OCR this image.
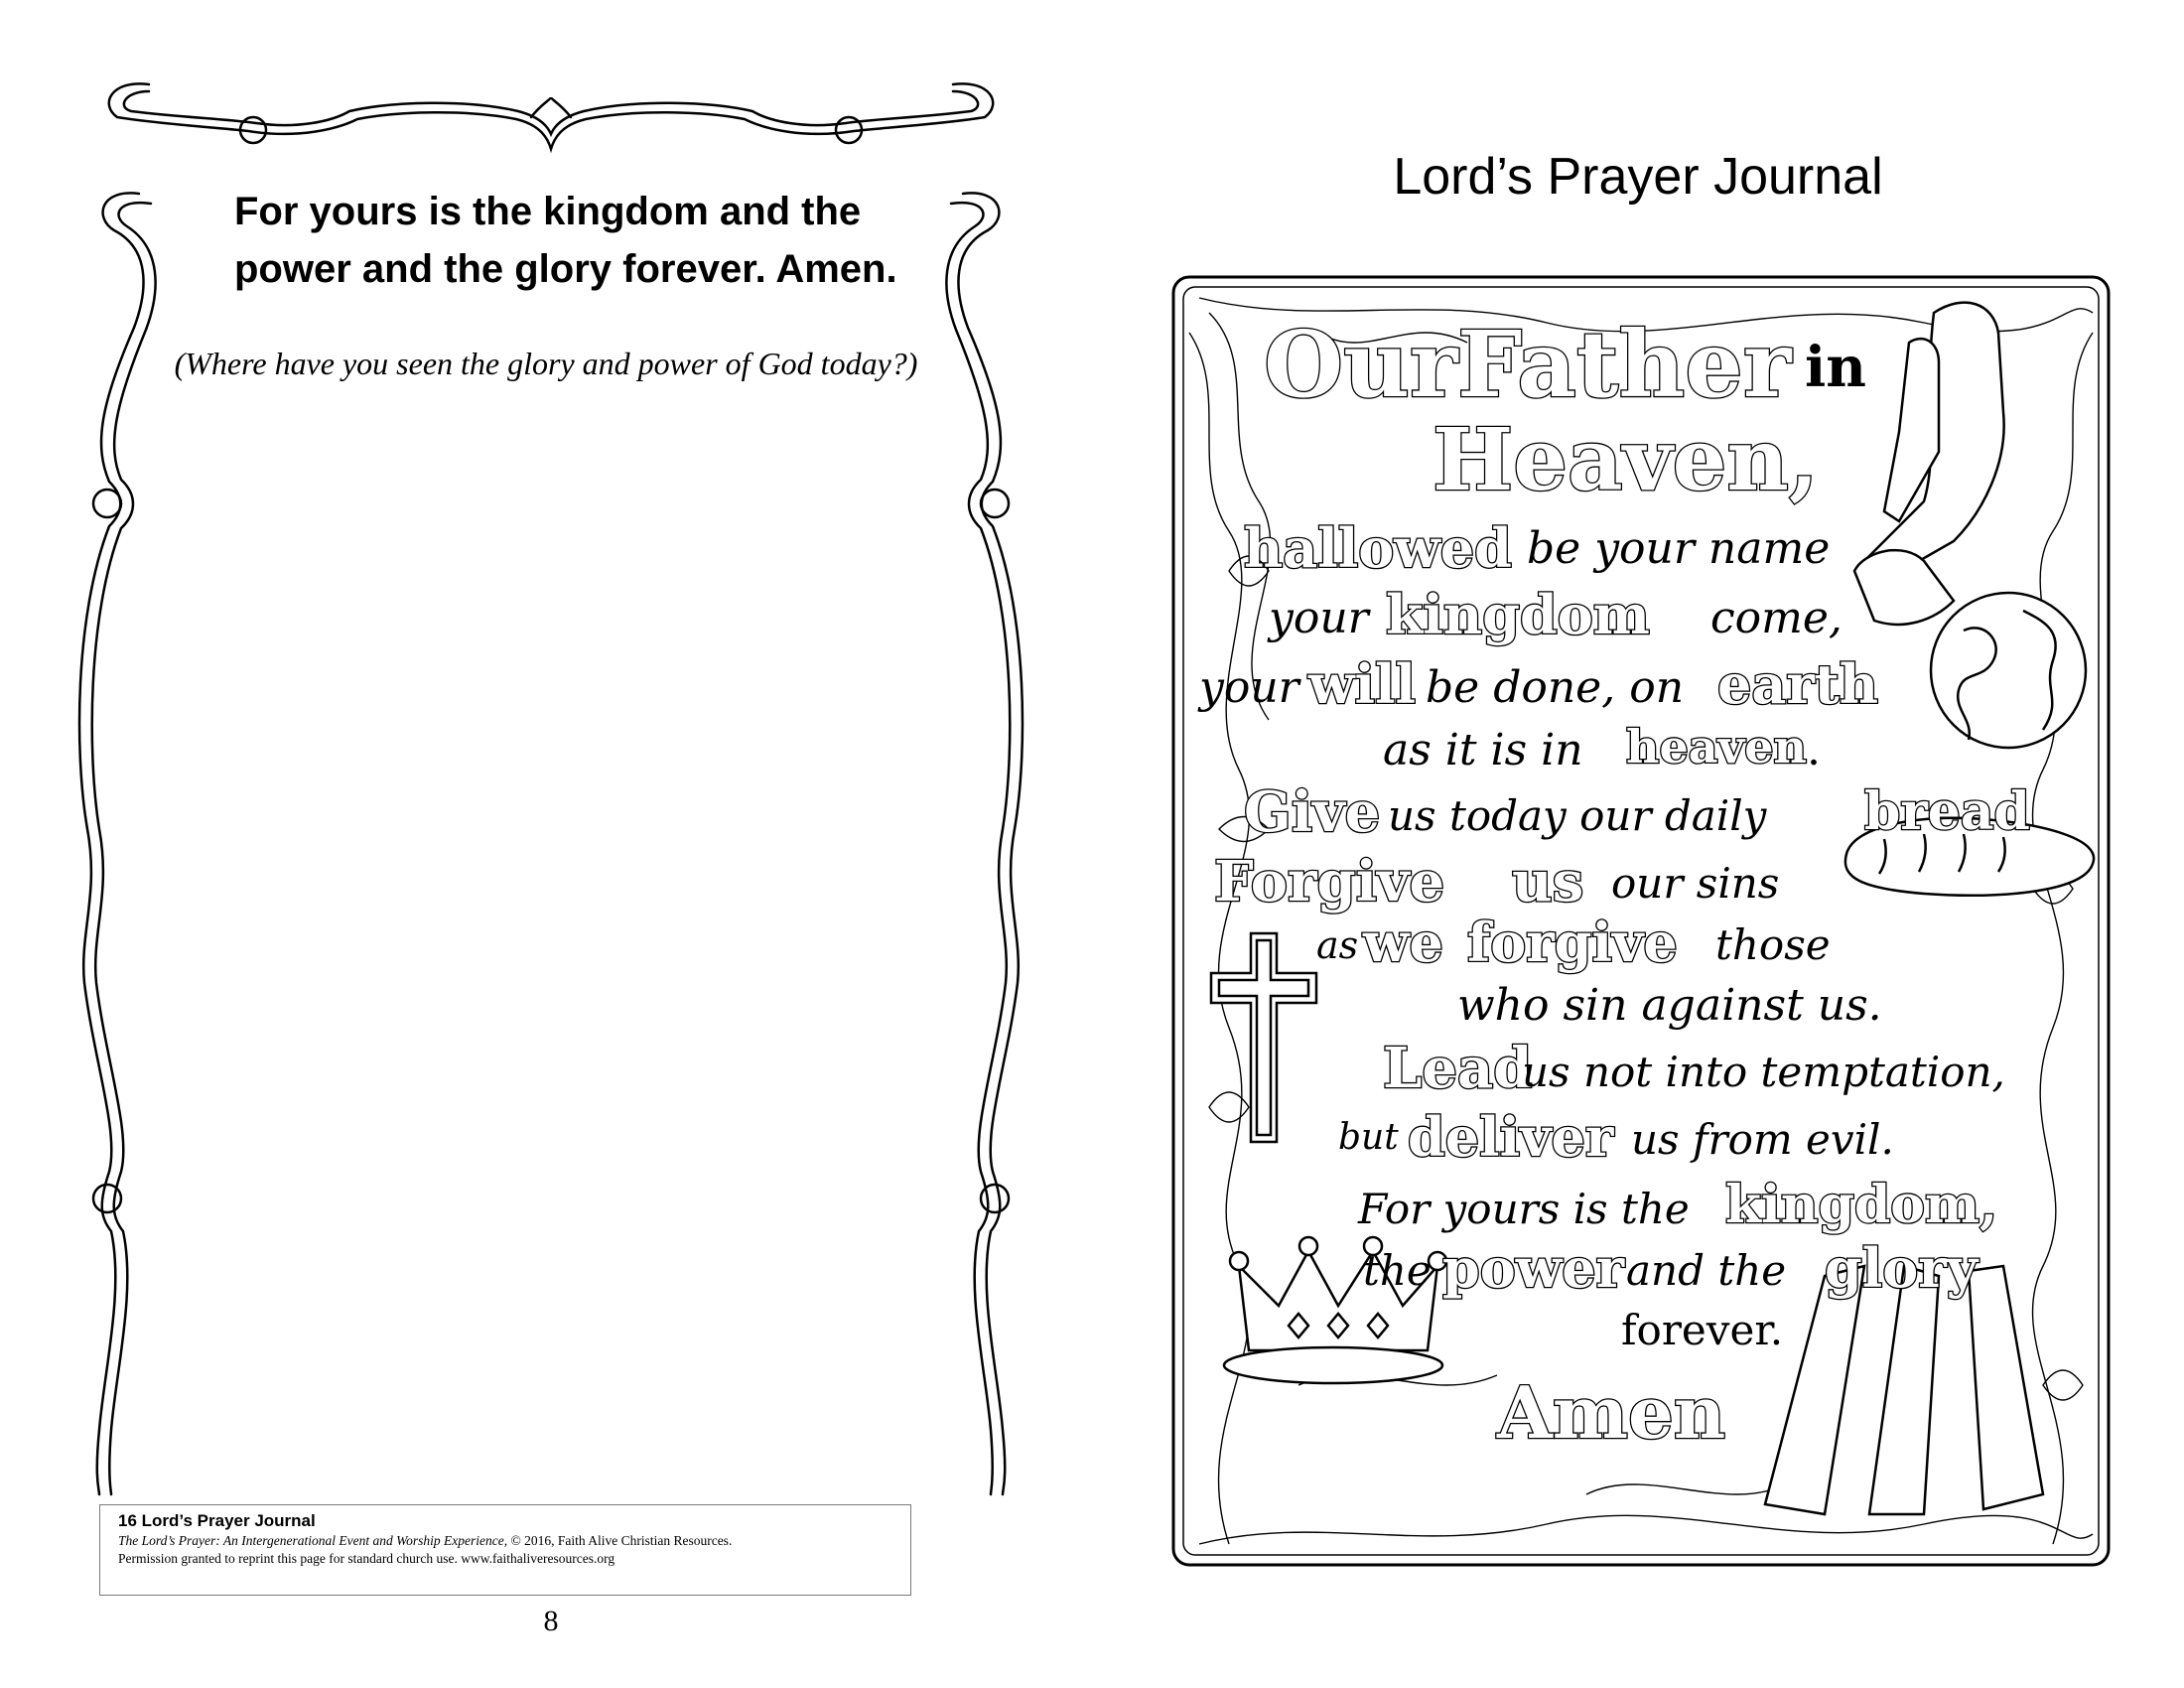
For yours is the kingdom and the
power and the glory forever. Amen.
(Where have you seen the glory and power of God today?)
16 Lord’s Prayer Journal
The Lord’s Prayer: An Intergenerational Event and Worship Experience, © 2016, Faith Alive Christian Resources.
Permission granted to reprint this page for standard church use. www.faithaliveresources.org
8
Lord’s Prayer Journal
Our Father in
Heaven,
hallowed be your name
your kingdom come,
your will be done, on earth
as it is in heaven .
Give us today our daily bread
Forgive us our sins
as we forgive those
who sin against us.
Lead
us not into temptation,
but deliver us from evil.
For yours is the kingdom,
the power and the glory
forever.
Amen
